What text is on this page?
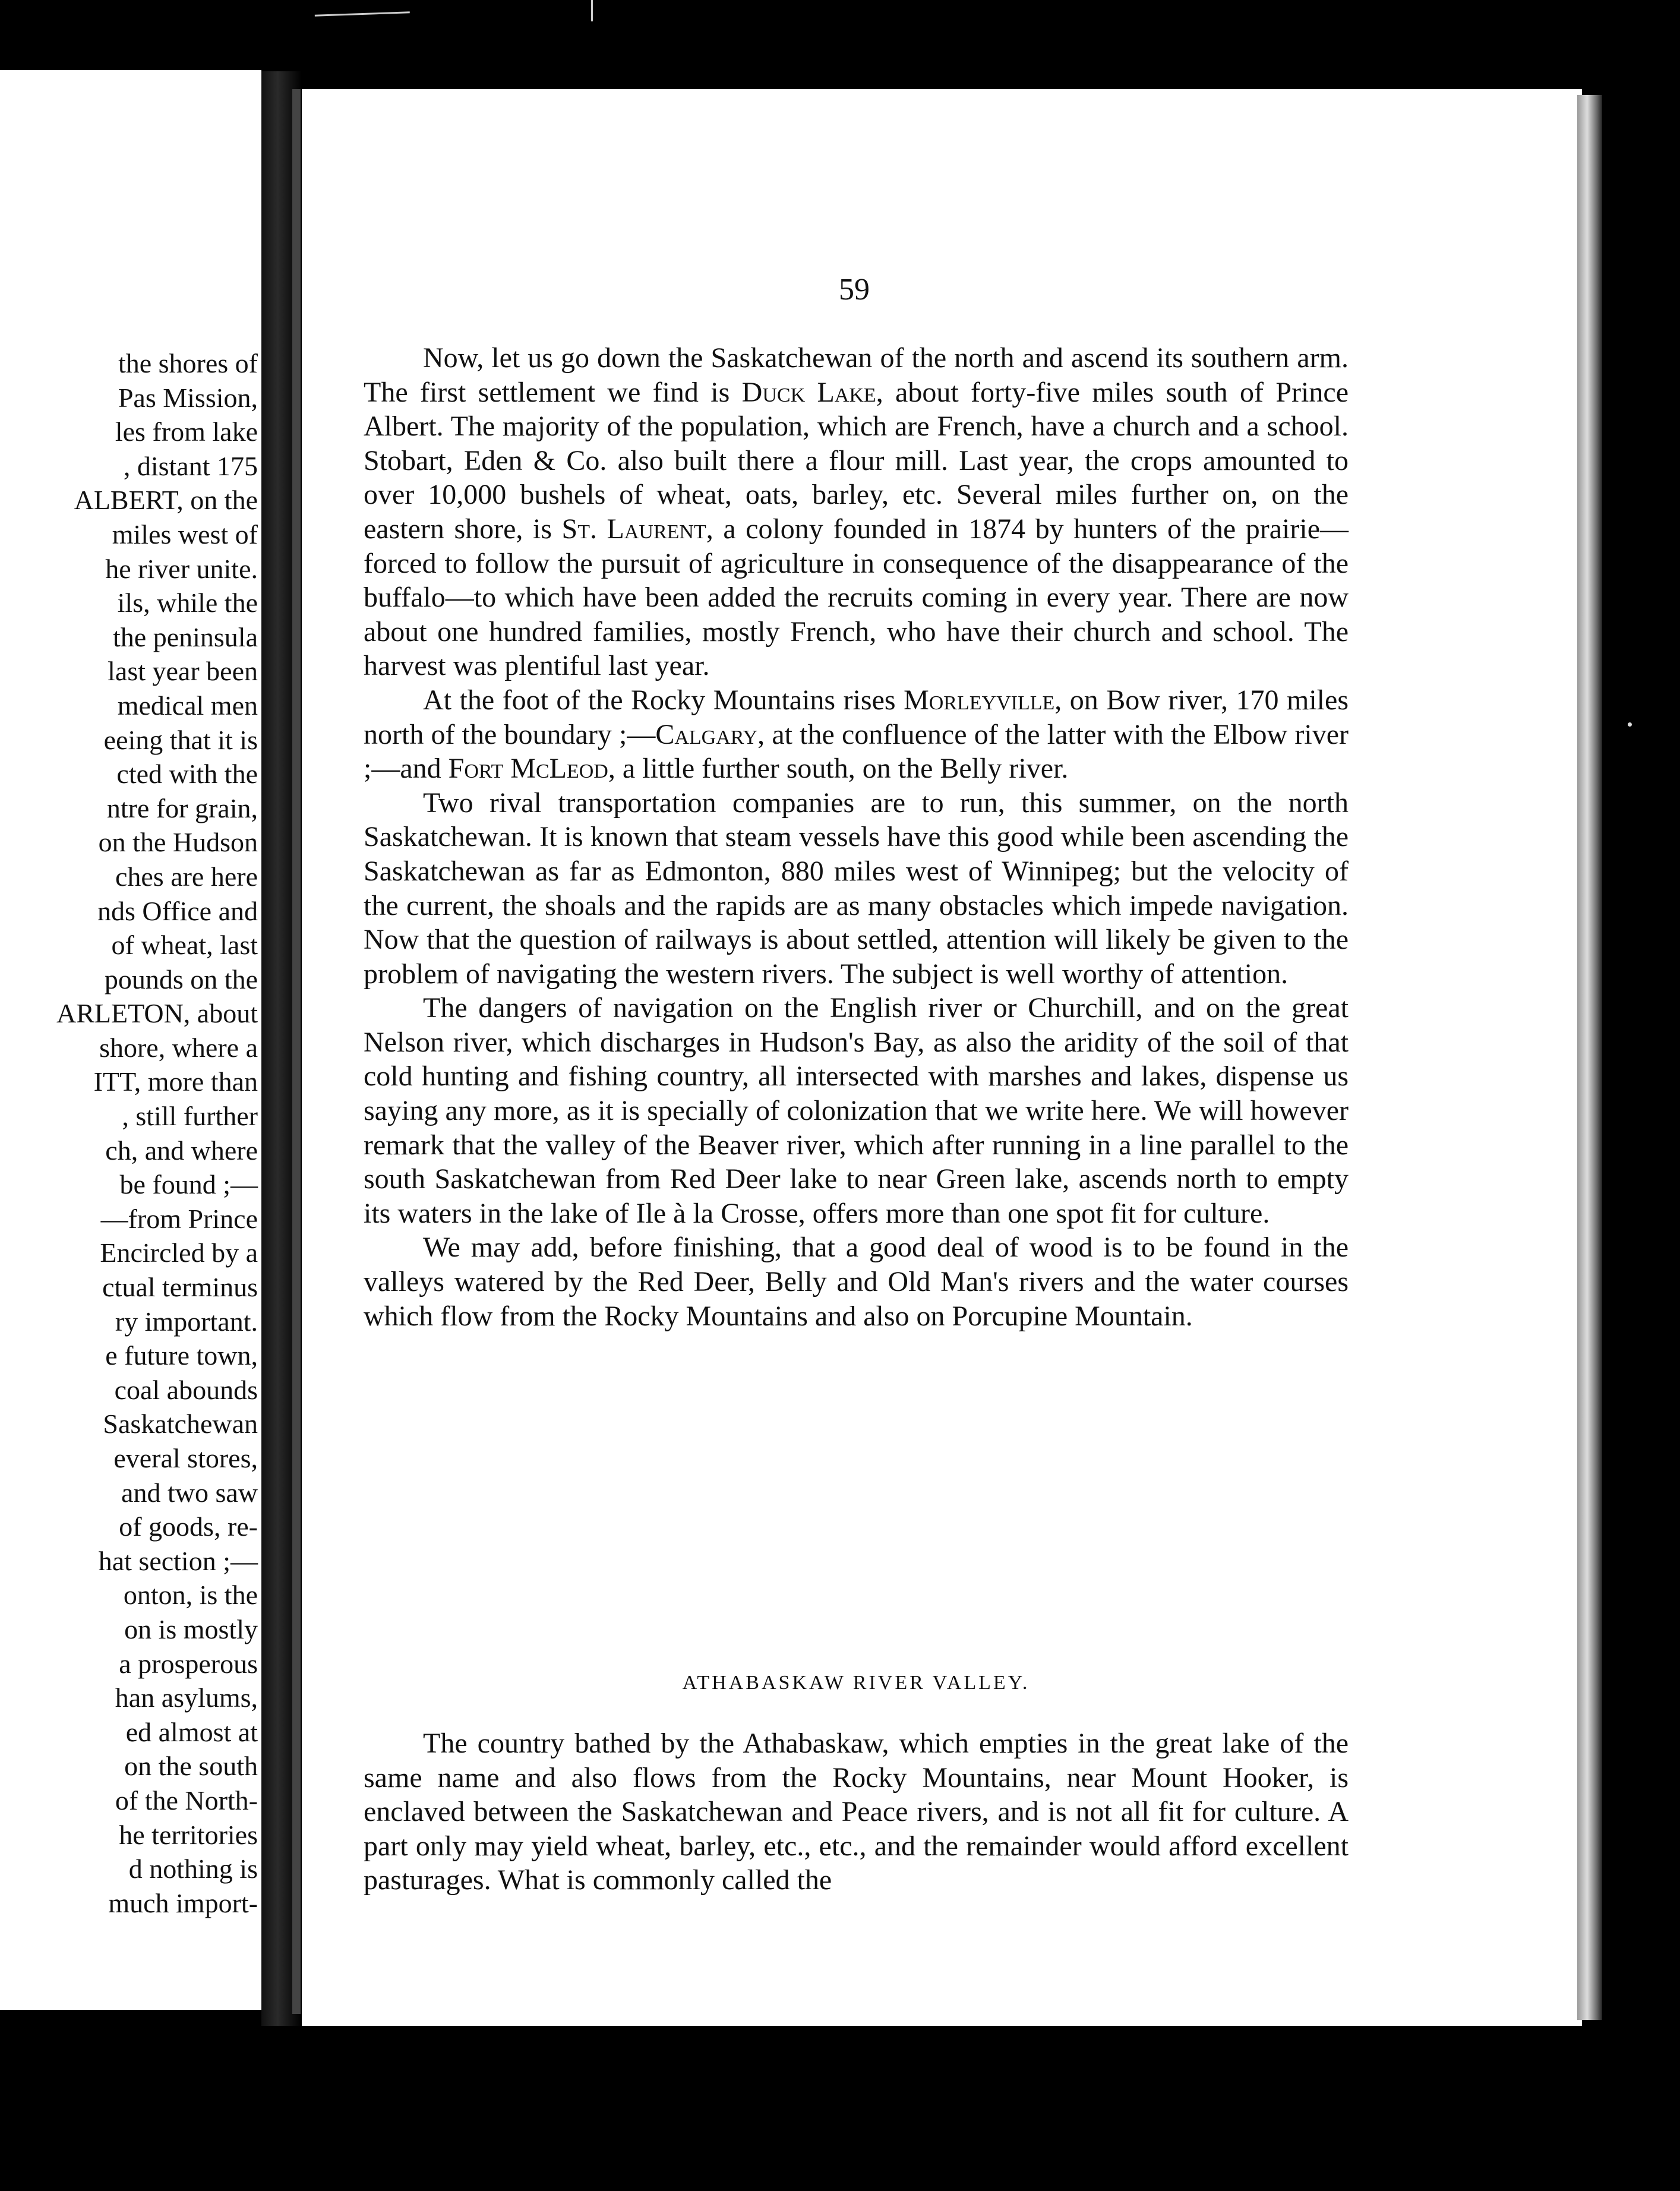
the shores of
Pas Mission,
les from lake
, distant 175
ALBERT, on the
miles west of
he river unite.
ils, while the
the peninsula
last year been
medical men
eeing that it is
cted with the
ntre for grain,
on the Hudson
ches are here
nds Office and
of wheat, last
pounds on the
ARLETON, about
shore, where a
ITT, more than
, still further
ch, and where
be found ;—
—from Prince
Encircled by a
ctual terminus
ry important.
e future town,
coal abounds
Saskatchewan
everal stores,
and two saw
of goods, re-
hat section ;—
onton, is the
on is mostly
a prosperous
han asylums,
ed almost at
on the south
of the North-
he territories
d nothing is
much import-
59

Now, let us go down the Saskatchewan of the north and ascend its southern arm. The first settlement we find is Duck Lake, about forty-five miles south of Prince Albert. The majority of the population, which are French, have a church and a school. Stobart, Eden & Co. also built there a flour mill. Last year, the crops amounted to over 10,000 bushels of wheat, oats, barley, etc. Several miles further on, on the eastern shore, is St. Laurent, a colony founded in 1874 by hunters of the prairie—forced to follow the pursuit of agriculture in consequence of the disappearance of the buffalo—to which have been added the recruits coming in every year. There are now about one hundred families, mostly French, who have their church and school. The harvest was plentiful last year.

At the foot of the Rocky Mountains rises Morleyville, on Bow river, 170 miles north of the boundary ;—Calgary, at the confluence of the latter with the Elbow river ;—and Fort McLeod, a little further south, on the Belly river.

Two rival transportation companies are to run, this summer, on the north Saskatchewan. It is known that steam vessels have this good while been ascending the Saskatchewan as far as Edmonton, 880 miles west of Winnipeg; but the velocity of the current, the shoals and the rapids are as many obstacles which impede navigation. Now that the question of railways is about settled, attention will likely be given to the problem of navigating the western rivers. The subject is well worthy of attention.

The dangers of navigation on the English river or Churchill, and on the great Nelson river, which discharges in Hudson's Bay, as also the aridity of the soil of that cold hunting and fishing country, all intersected with marshes and lakes, dispense us saying any more, as it is specially of colonization that we write here. We will however remark that the valley of the Beaver river, which after running in a line parallel to the south Saskatchewan from Red Deer lake to near Green lake, ascends north to empty its waters in the lake of Ile à la Crosse, offers more than one spot fit for culture.

We may add, before finishing, that a good deal of wood is to be found in the valleys watered by the Red Deer, Belly and Old Man's rivers and the water courses which flow from the Rocky Mountains and also on Porcupine Mountain.

ATHABASKAW RIVER VALLEY.

The country bathed by the Athabaskaw, which empties in the great lake of the same name and also flows from the Rocky Mountains, near Mount Hooker, is enclaved between the Saskatchewan and Peace rivers, and is not all fit for culture. A part only may yield wheat, barley, etc., etc., and the remainder would afford excellent pasturages. What is commonly called the
